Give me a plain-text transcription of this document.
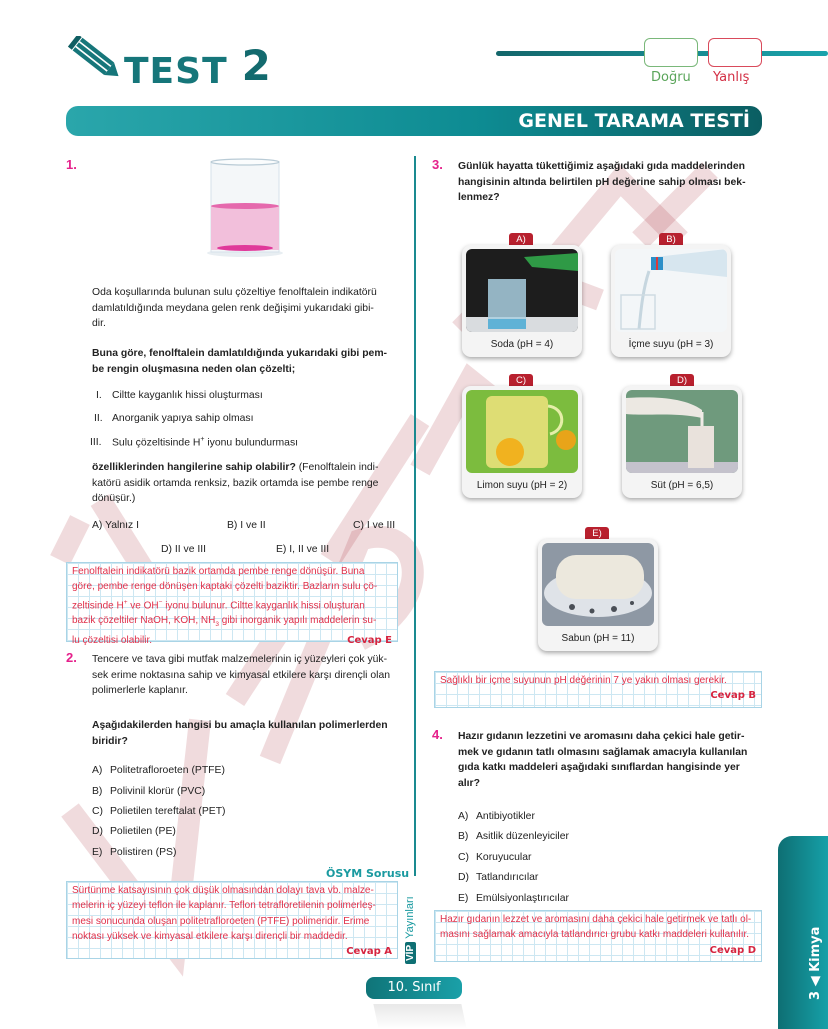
TEST 2	Doğru Yanlış
GENEL TARAMA TESTİ
1.
Oda koşullarında bulunan sulu çözeltiye fenolftalein indikatörü
damlatıldığında meydana gelen renk değişimi yukarıdaki gibi-
dir.
Buna göre, fenolftalein damlatıldığında yukarıdaki gibi pem-
be rengin oluşmasına neden olan çözelti;
I. Ciltte kayganlık hissi oluşturması
II. Anorganik yapıya sahip olması
III. Sulu çözeltisinde H+ iyonu bulundurması
özelliklerinden hangilerine sahip olabilir? (Fenolftalein indi-
katörü asidik ortamda renksiz, bazik ortamda ise pembe renge
dönüşür.)
A) Yalnız I	B) I ve II	C) I ve III
D) II ve III	E) I, II ve III
Fenolftalein indikatörü bazik ortamda pembe renge dönüşür. Buna
göre, pembe renge dönüşen kaptaki çözelti baziktir. Bazların sulu çö-
zeltisinde H+ ve OH− iyonu bulunur. Ciltte kayganlık hissi oluşturan
bazik çözeltiler NaOH, KOH, $NH_3$ gibi inorganik yapılı maddelerin su-
lu çözeltisi olabilir.	Cevap E
2. Tencere ve tava gibi mutfak malzemelerinin iç yüzeyleri çok yük-
sek erime noktasına sahip ve kimyasal etkilere karşı dirençli olan
polimerlerle kaplanır.
Aşağıdakilerden hangisi bu amaçla kullanılan polimerlerden
biridir?
A) Politetrafloroeten (PTFE)
B) Polivinil klorür (PVC)
C) Polietilen tereftalat (PET)
D) Polietilen (PE)
E) Polistiren (PS)
ÖSYM Sorusu
Sürtünme katsayısının çok düşük olmasından dolayı tava vb. malze-
melerin iç yüzeyi teflon ile kaplanır. Teflon tetrafloretilenin polimerleş-
mesi sonucunda oluşan politetrafloroeten (PTFE) polimeridir. Erime
noktası yüksek ve kimyasal etkilere karşı dirençli bir maddedir.
Cevap A
3. Günlük hayatta tükettiğimiz aşağıdaki gıda maddelerinden
hangisinin altında belirtilen pH değerine sahip olması bek-
lenmez?
A)
Soda (pH = 4)
B)
İçme suyu (pH = 3)
C)
Limon suyu (pH = 2)
D)
Süt (pH = 6,5)
E)
Sabun (pH = 11)
Sağlıklı bir içme suyunun pH değerinin 7 ye yakın olması gerekir.
Cevap B
4. Hazır gıdanın lezzetini ve aromasını daha çekici hale getir-
mek ve gıdanın tatlı olmasını sağlamak amacıyla kullanılan
gıda katkı maddeleri aşağıdaki sınıflardan hangisinde yer
alır?
A) Antibiyotikler
B) Asitlik düzenleyiciler
C) Koruyucular
D) Tatlandırıcılar
E) Emülsiyonlaştırıcılar
Hazır gıdanın lezzet ve aromasını daha çekici hale getirmek ve tatlı ol-
masını sağlamak amacıyla tatlandırıcı grubu katkı maddeleri kullanılır.
Cevap D
VİPYayınları
10. Sınıf	3 ◀ Kimya
